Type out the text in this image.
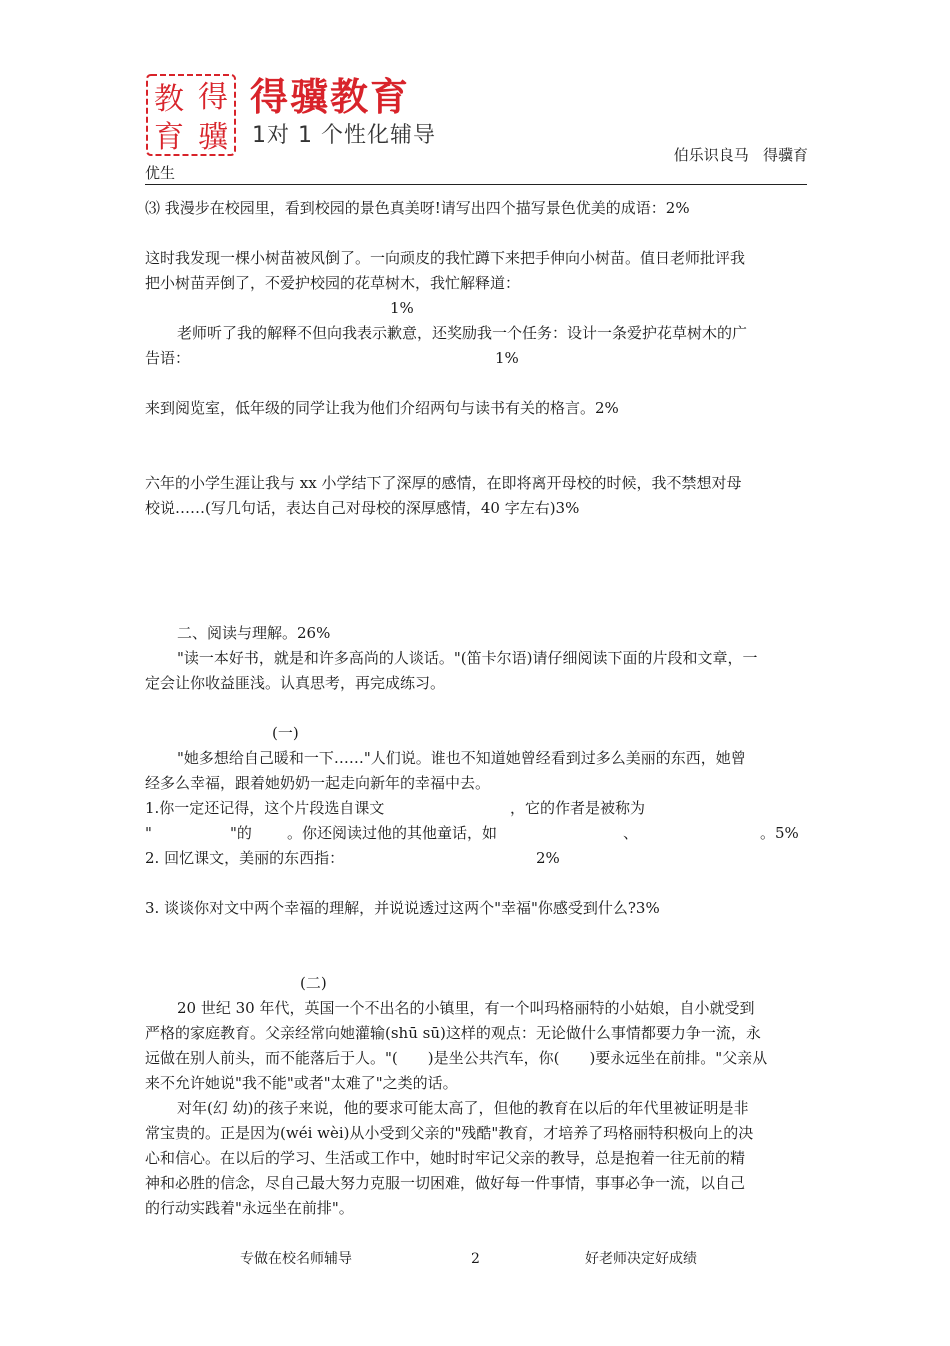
教 得
育 骥
得骥教育
1对 1 个性化辅导
伯乐识良马   得骥育
优生
⑶ 我漫步在校园里，看到校园的景色真美呀!请写出四个描写景色优美的成语：2%
这时我发现一棵小树苗被风倒了。一向顽皮的我忙蹲下来把手伸向小树苗。值日老师批评我
把小树苗弄倒了，不爱护校园的花草树木，我忙解释道：
1%
老师听了我的解释不但向我表示歉意，还奖励我一个任务：设计一条爱护花草树木的广
告语：	1%
来到阅览室，低年级的同学让我为他们介绍两句与读书有关的格言。2%
六年的小学生涯让我与 xx 小学结下了深厚的感情，在即将离开母校的时候，我不禁想对母
校说……(写几句话，表达自己对母校的深厚感情，40 字左右)3%
二、阅读与理解。26%
"读一本好书，就是和许多高尚的人谈话。"(笛卡尔语)请仔细阅读下面的片段和文章，一
定会让你收益匪浅。认真思考，再完成练习。
(一)
"她多想给自己暖和一下……"人们说。谁也不知道她曾经看到过多么美丽的东西，她曾
经多么幸福，跟着她奶奶一起走向新年的幸福中去。
1.你一定还记得，这个片段选自课文	，它的作者是被称为
"	"的 。你还阅读过他的其他童话，如	、	。5%
2. 回忆课文，美丽的东西指：	2%
3. 谈谈你对文中两个幸福的理解，并说说透过这两个"幸福"你感受到什么?3%
(二)
20 世纪 30 年代，英国一个不出名的小镇里，有一个叫玛格丽特的小姑娘，自小就受到
严格的家庭教育。父亲经常向她灌输(shū sū)这样的观点：无论做什么事情都要力争一流，永
远做在别人前头，而不能落后于人。"(　　)是坐公共汽车，你(　　)要永远坐在前排。"父亲从
来不允许她说"我不能"或者"太难了"之类的话。
对年(幻 幼)的孩子来说，他的要求可能太高了，但他的教育在以后的年代里被证明是非
常宝贵的。正是因为(wéi wèi)从小受到父亲的"残酷"教育，才培养了玛格丽特积极向上的决
心和信心。在以后的学习、生活或工作中，她时时牢记父亲的教导，总是抱着一往无前的精
神和必胜的信念，尽自己最大努力克服一切困难，做好每一件事情，事事必争一流，以自己
的行动实践着"永远坐在前排"。
专做在校名师辅导	2	好老师决定好成绩
